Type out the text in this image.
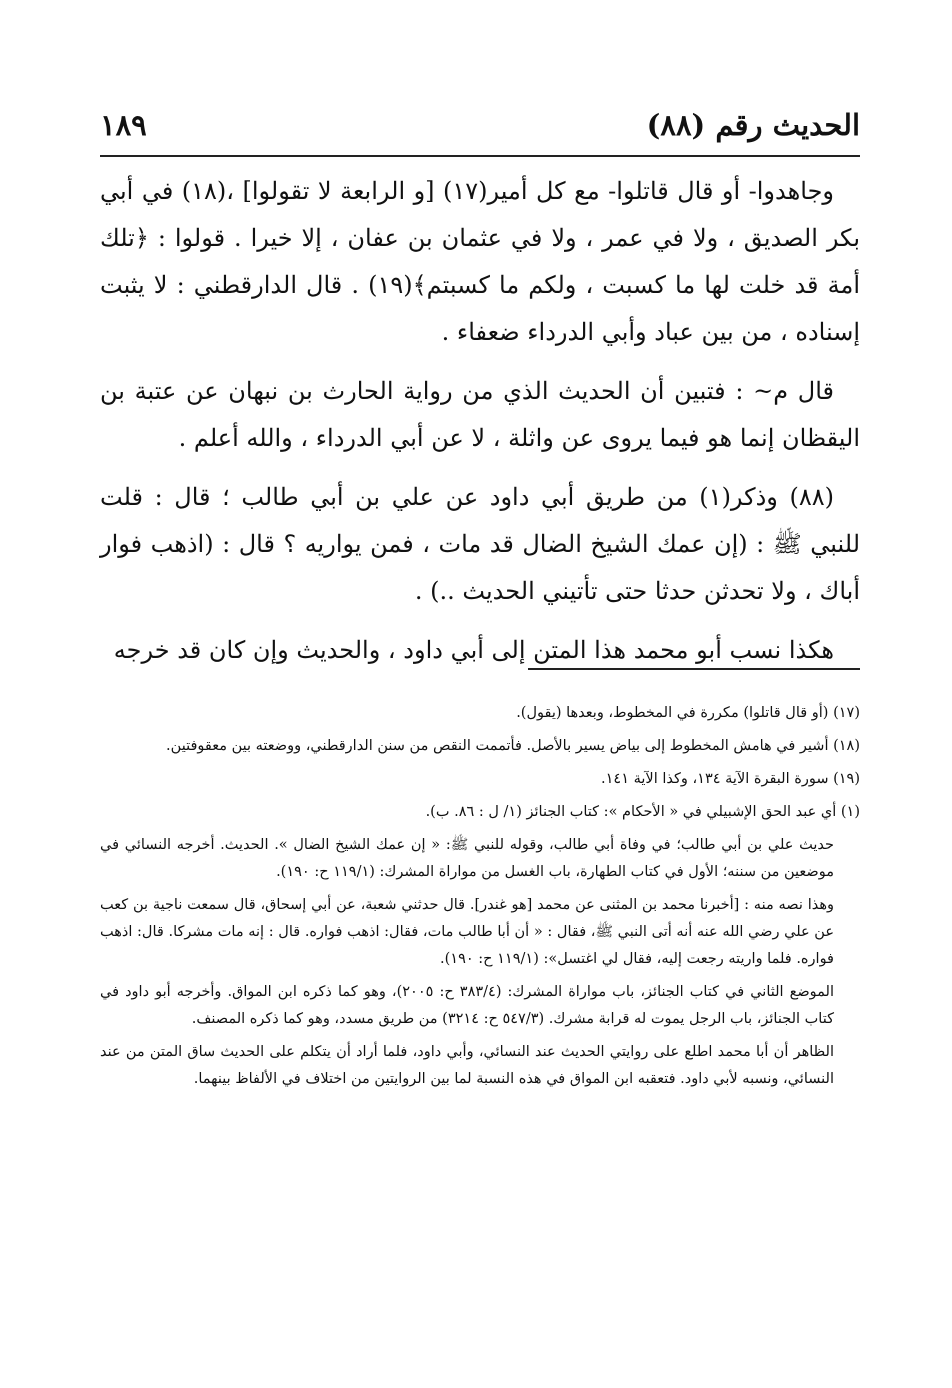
الحديث رقم (٨٨)
١٨٩

وجاهدوا- أو قال قاتلوا- مع كل أمير(١٧) [و الرابعة لا تقولوا] ،(١٨) في أبي بكر الصديق ، ولا في عمر ، ولا في عثمان بن عفان ، إلا خيرا . قولوا : ﴿تلك أمة قد خلت لها ما كسبت ، ولكم ما كسبتم﴾(١٩) . قال الدارقطني : لا يثبت إسناده ، من بين عباد وأبي الدرداء ضعفاء .

قال م~ : فتبين أن الحديث الذي من رواية الحارث بن نبهان عن عتبة بن اليقظان إنما هو فيما يروى عن واثلة ، لا عن أبي الدرداء ، والله أعلم .

(٨٨) وذكر(١) من طريق أبي داود عن علي بن أبي طالب ؛ قال : قلت للنبي ﷺ : (إن عمك الشيخ الضال قد مات ، فمن يواريه ؟ قال : (اذهب فوار أباك ، ولا تحدثن حدثا حتى تأتيني الحديث ..) .

هكذا نسب أبو محمد هذا المتن إلى أبي داود ، والحديث وإن كان قد خرجه

(١٧) (أو قال قاتلوا) مكررة في المخطوط، وبعدها (يقول).

(١٨) أشير في هامش المخطوط إلى بياض يسير بالأصل. فأتممت النقص من سنن الدارقطني، ووضعته بين معقوفتين.

(١٩) سورة البقرة الآية ١٣٤، وكذا الآية ١٤١.

(١) أي عبد الحق الإشبيلي في « الأحكام »: كتاب الجنائز (١/ ل : ٨٦. ب).

حديث علي بن أبي طالب؛ في وفاة أبي طالب، وقوله للنبي ﷺ: « إن عمك الشيخ الضال ». الحديث. أخرجه النسائي في موضعين من سننه؛ الأول في كتاب الطهارة، باب الغسل من مواراة المشرك: (١١٩/١ ح: ١٩٠).

وهذا نصه منه : [أخبرنا محمد بن المثنى عن محمد [هو غندر]. قال حدثني شعبة، عن أبي إسحاق، قال سمعت ناجية بن كعب عن علي رضي الله عنه أنه أتى النبي ﷺ، فقال : « أن أبا طالب مات، فقال: اذهب فواره. قال : إنه مات مشركا. قال: اذهب فواره. فلما واريته رجعت إليه، فقال لي اغتسل»: (١١٩/١ ح: ١٩٠).

الموضع الثاني في كتاب الجنائز، باب مواراة المشرك: (٣٨٣/٤ ح: ٢٠٠٥)، وهو كما ذكره ابن المواق. وأخرجه أبو داود في كتاب الجنائز، باب الرجل يموت له قرابة مشرك. (٥٤٧/٣ ح: ٣٢١٤) من طريق مسدد، وهو كما ذكره المصنف.

الظاهر أن أبا محمد اطلع على روايتي الحديث عند النسائي، وأبي داود، فلما أراد أن يتكلم على الحديث ساق المتن من عند النسائي، ونسبه لأبي داود. فتعقبه ابن المواق في هذه النسبة لما بين الروايتين من اختلاف في الألفاظ بينهما.
